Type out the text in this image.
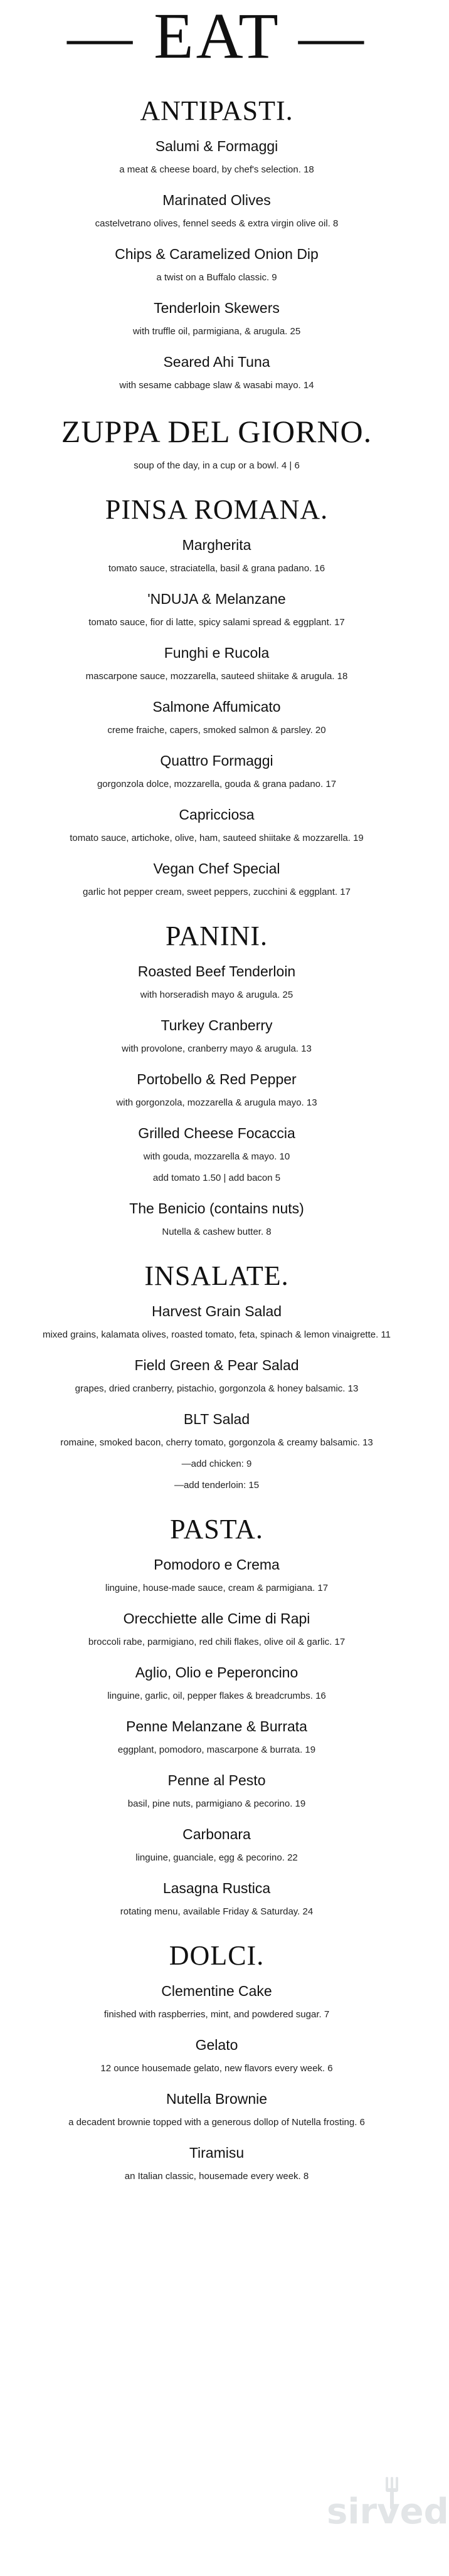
— EAT —
ANTIPASTI.
Salumi & Formaggi

a meat & cheese board, by chef's selection. 18

Marinated Olives

castelvetrano olives, fennel seeds & extra virgin olive oil. 8

Chips & Caramelized Onion Dip

a twist on a Buffalo classic. 9

Tenderloin Skewers

with truffle oil, parmigiana, & arugula. 25

Seared Ahi Tuna

with sesame cabbage slaw & wasabi mayo. 14

ZUPPA DEL GIORNO.

soup of the day, in a cup or a bowl. 4 | 6

PINSA ROMANA.
Margherita

tomato sauce, straciatella, basil & grana padano. 16

'NDUJA & Melanzane

tomato sauce, fior di latte, spicy salami spread & eggplant. 17

Funghi e Rucola

mascarpone sauce, mozzarella, sauteed shiitake & arugula. 18

Salmone Affumicato

creme fraiche, capers, smoked salmon & parsley. 20

Quattro Formaggi

gorgonzola dolce, mozzarella, gouda & grana padano. 17

Capricciosa

tomato sauce, artichoke, olive, ham, sauteed shiitake & mozzarella. 19

Vegan Chef Special

garlic hot pepper cream, sweet peppers, zucchini & eggplant. 17

PANINI.
Roasted Beef Tenderloin

with horseradish mayo & arugula. 25

Turkey Cranberry

with provolone, cranberry mayo & arugula. 13

Portobello & Red Pepper

with gorgonzola, mozzarella & arugula mayo. 13

Grilled Cheese Focaccia

with gouda, mozzarella & mayo. 10

add tomato 1.50 | add bacon 5

The Benicio (contains nuts)

Nutella & cashew butter. 8

INSALATE.
Harvest Grain Salad

mixed grains, kalamata olives, roasted tomato, feta, spinach & lemon vinaigrette. 11

Field Green & Pear Salad

grapes, dried cranberry, pistachio, gorgonzola & honey balsamic. 13

BLT Salad

romaine, smoked bacon, cherry tomato, gorgonzola & creamy balsamic. 13

—add chicken: 9

—add tenderloin: 15

PASTA.
Pomodoro e Crema

linguine, house-made sauce, cream & parmigiana. 17

Orecchiette alle Cime di Rapi

broccoli rabe, parmigiano, red chili flakes, olive oil & garlic. 17

Aglio, Olio e Peperoncino

linguine, garlic, oil, pepper flakes & breadcrumbs. 16

Penne Melanzane & Burrata

eggplant, pomodoro, mascarpone & burrata. 19

Penne al Pesto

basil, pine nuts, parmigiano & pecorino. 19

Carbonara

linguine, guanciale, egg & pecorino. 22

Lasagna Rustica

rotating menu, available Friday & Saturday. 24

DOLCI.
Clementine Cake

finished with raspberries, mint, and powdered sugar. 7

Gelato

12 ounce housemade gelato, new flavors every week. 6

Nutella Brownie

a decadent brownie topped with a generous dollop of Nutella frosting. 6

Tiramisu

an Italian classic, housemade every week. 8

sirved
